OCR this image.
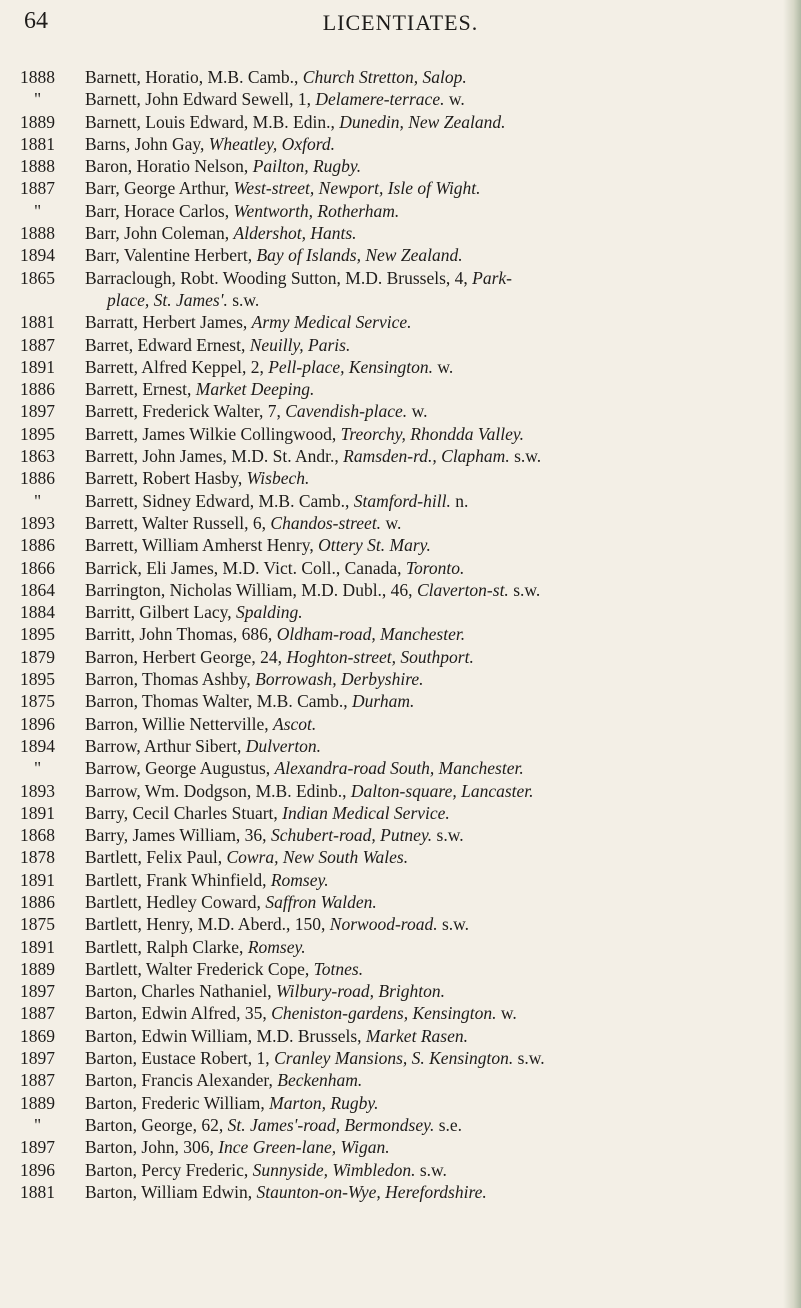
64	LICENTIATES.
1888	Barnett, Horatio, M.B. Camb., Church Stretton, Salop.
"	Barnett, John Edward Sewell, 1, Delamere-terrace. w.
1889	Barnett, Louis Edward, M.B. Edin., Dunedin, New Zealand.
1881	Barns, John Gay, Wheatley, Oxford.
1888	Baron, Horatio Nelson, Pailton, Rugby.
1887	Barr, George Arthur, West-street, Newport, Isle of Wight.
"	Barr, Horace Carlos, Wentworth, Rotherham.
1888	Barr, John Coleman, Aldershot, Hants.
1894	Barr, Valentine Herbert, Bay of Islands, New Zealand.
1865	Barraclough, Robt. Wooding Sutton, M.D. Brussels, 4, Park-
place, St. James'. s.w.
1881	Barratt, Herbert James, Army Medical Service.
1887	Barret, Edward Ernest, Neuilly, Paris.
1891	Barrett, Alfred Keppel, 2, Pell-place, Kensington. w.
1886	Barrett, Ernest, Market Deeping.
1897	Barrett, Frederick Walter, 7, Cavendish-place. w.
1895	Barrett, James Wilkie Collingwood, Treorchy, Rhondda Valley.
1863	Barrett, John James, M.D. St. Andr., Ramsden-rd., Clapham. s.w.
1886	Barrett, Robert Hasby, Wisbech.
"	Barrett, Sidney Edward, M.B. Camb., Stamford-hill. n.
1893	Barrett, Walter Russell, 6, Chandos-street. w.
1886	Barrett, William Amherst Henry, Ottery St. Mary.
1866	Barrick, Eli James, M.D. Vict. Coll., Canada, Toronto.
1864	Barrington, Nicholas William, M.D. Dubl., 46, Claverton-st. s.w.
1884	Barritt, Gilbert Lacy, Spalding.
1895	Barritt, John Thomas, 686, Oldham-road, Manchester.
1879	Barron, Herbert George, 24, Hoghton-street, Southport.
1895	Barron, Thomas Ashby, Borrowash, Derbyshire.
1875	Barron, Thomas Walter, M.B. Camb., Durham.
1896	Barron, Willie Netterville, Ascot.
1894	Barrow, Arthur Sibert, Dulverton.
"	Barrow, George Augustus, Alexandra-road South, Manchester.
1893	Barrow, Wm. Dodgson, M.B. Edinb., Dalton-square, Lancaster.
1891	Barry, Cecil Charles Stuart, Indian Medical Service.
1868	Barry, James William, 36, Schubert-road, Putney. s.w.
1878	Bartlett, Felix Paul, Cowra, New South Wales.
1891	Bartlett, Frank Whinfield, Romsey.
1886	Bartlett, Hedley Coward, Saffron Walden.
1875	Bartlett, Henry, M.D. Aberd., 150, Norwood-road. s.w.
1891	Bartlett, Ralph Clarke, Romsey.
1889	Bartlett, Walter Frederick Cope, Totnes.
1897	Barton, Charles Nathaniel, Wilbury-road, Brighton.
1887	Barton, Edwin Alfred, 35, Cheniston-gardens, Kensington. w.
1869	Barton, Edwin William, M.D. Brussels, Market Rasen.
1897	Barton, Eustace Robert, 1, Cranley Mansions, S. Kensington. s.w.
1887	Barton, Francis Alexander, Beckenham.
1889	Barton, Frederic William, Marton, Rugby.
"	Barton, George, 62, St. James'-road, Bermondsey. s.e.
1897	Barton, John, 306, Ince Green-lane, Wigan.
1896	Barton, Percy Frederic, Sunnyside, Wimbledon. s.w.
1881	Barton, William Edwin, Staunton-on-Wye, Herefordshire.
